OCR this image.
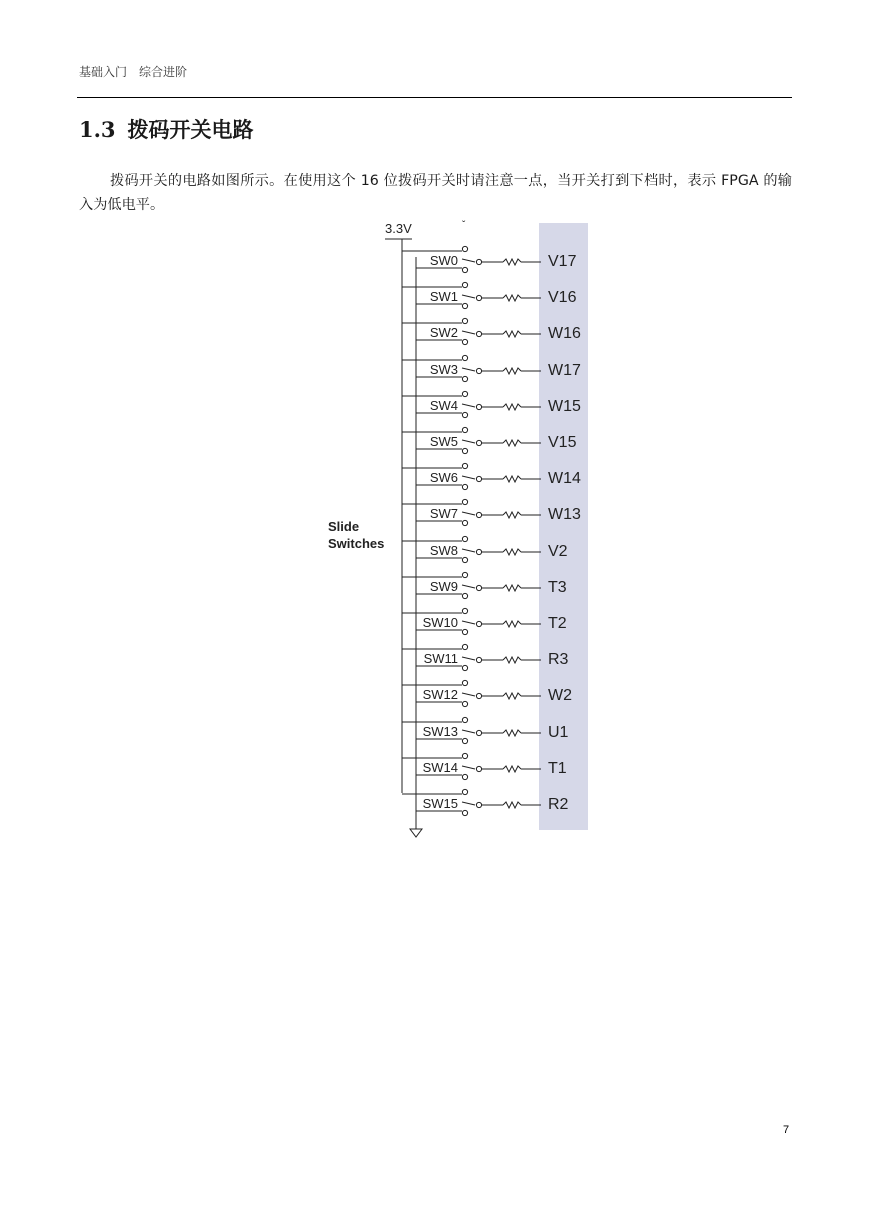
基础入门　综合进阶
1.3 拨码开关电路
拨码开关的电路如图所示。在使用这个 16 位拨码开关时请注意一点，当开关打到下档时，表示 FPGA 的输入为低电平。
SW0	V17
SW1	V16
SW2	W16
SW3	W17
SW4	W15
SW5	V15
SW6	W14
SW7	W13
SW8	V2
SW9	T3
SW10	T2
SW11	R3
SW12	W2
SW13	U1
SW14	T1
SW15	R2
3.3V	ˇ
Slide
Switches
7
